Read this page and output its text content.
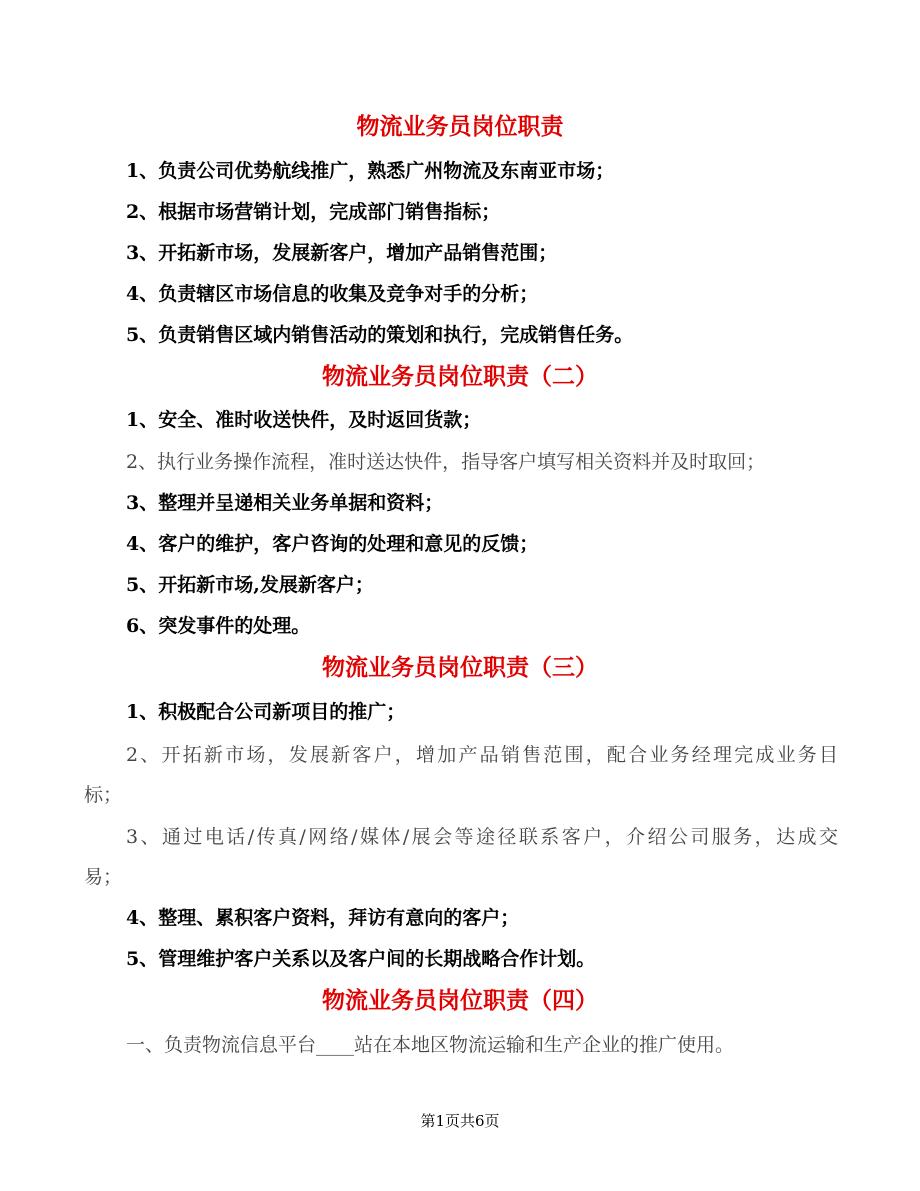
物流业务员岗位职责
1、负责公司优势航线推广，熟悉广州物流及东南亚市场；
2、根据市场营销计划，完成部门销售指标；
3、开拓新市场，发展新客户，增加产品销售范围；
4、负责辖区市场信息的收集及竞争对手的分析；
5、负责销售区域内销售活动的策划和执行，完成销售任务。
物流业务员岗位职责（二）
1、安全、准时收送快件，及时返回货款；
2、执行业务操作流程，准时送达快件，指导客户填写相关资料并及时取回；
3、整理并呈递相关业务单据和资料；
4、客户的维护，客户咨询的处理和意见的反馈；
5、开拓新市场,发展新客户；
6、突发事件的处理。
物流业务员岗位职责（三）
1、积极配合公司新项目的推广；
2、开拓新市场，发展新客户，增加产品销售范围，配合业务经理完成业务目
标；
3、通过电话/传真/网络/媒体/展会等途径联系客户，介绍公司服务，达成交
易；
4、整理、累积客户资料，拜访有意向的客户；
5、管理维护客户关系以及客户间的长期战略合作计划。
物流业务员岗位职责（四）
一、负责物流信息平台____站在本地区物流运输和生产企业的推广使用。
第1页共6页
